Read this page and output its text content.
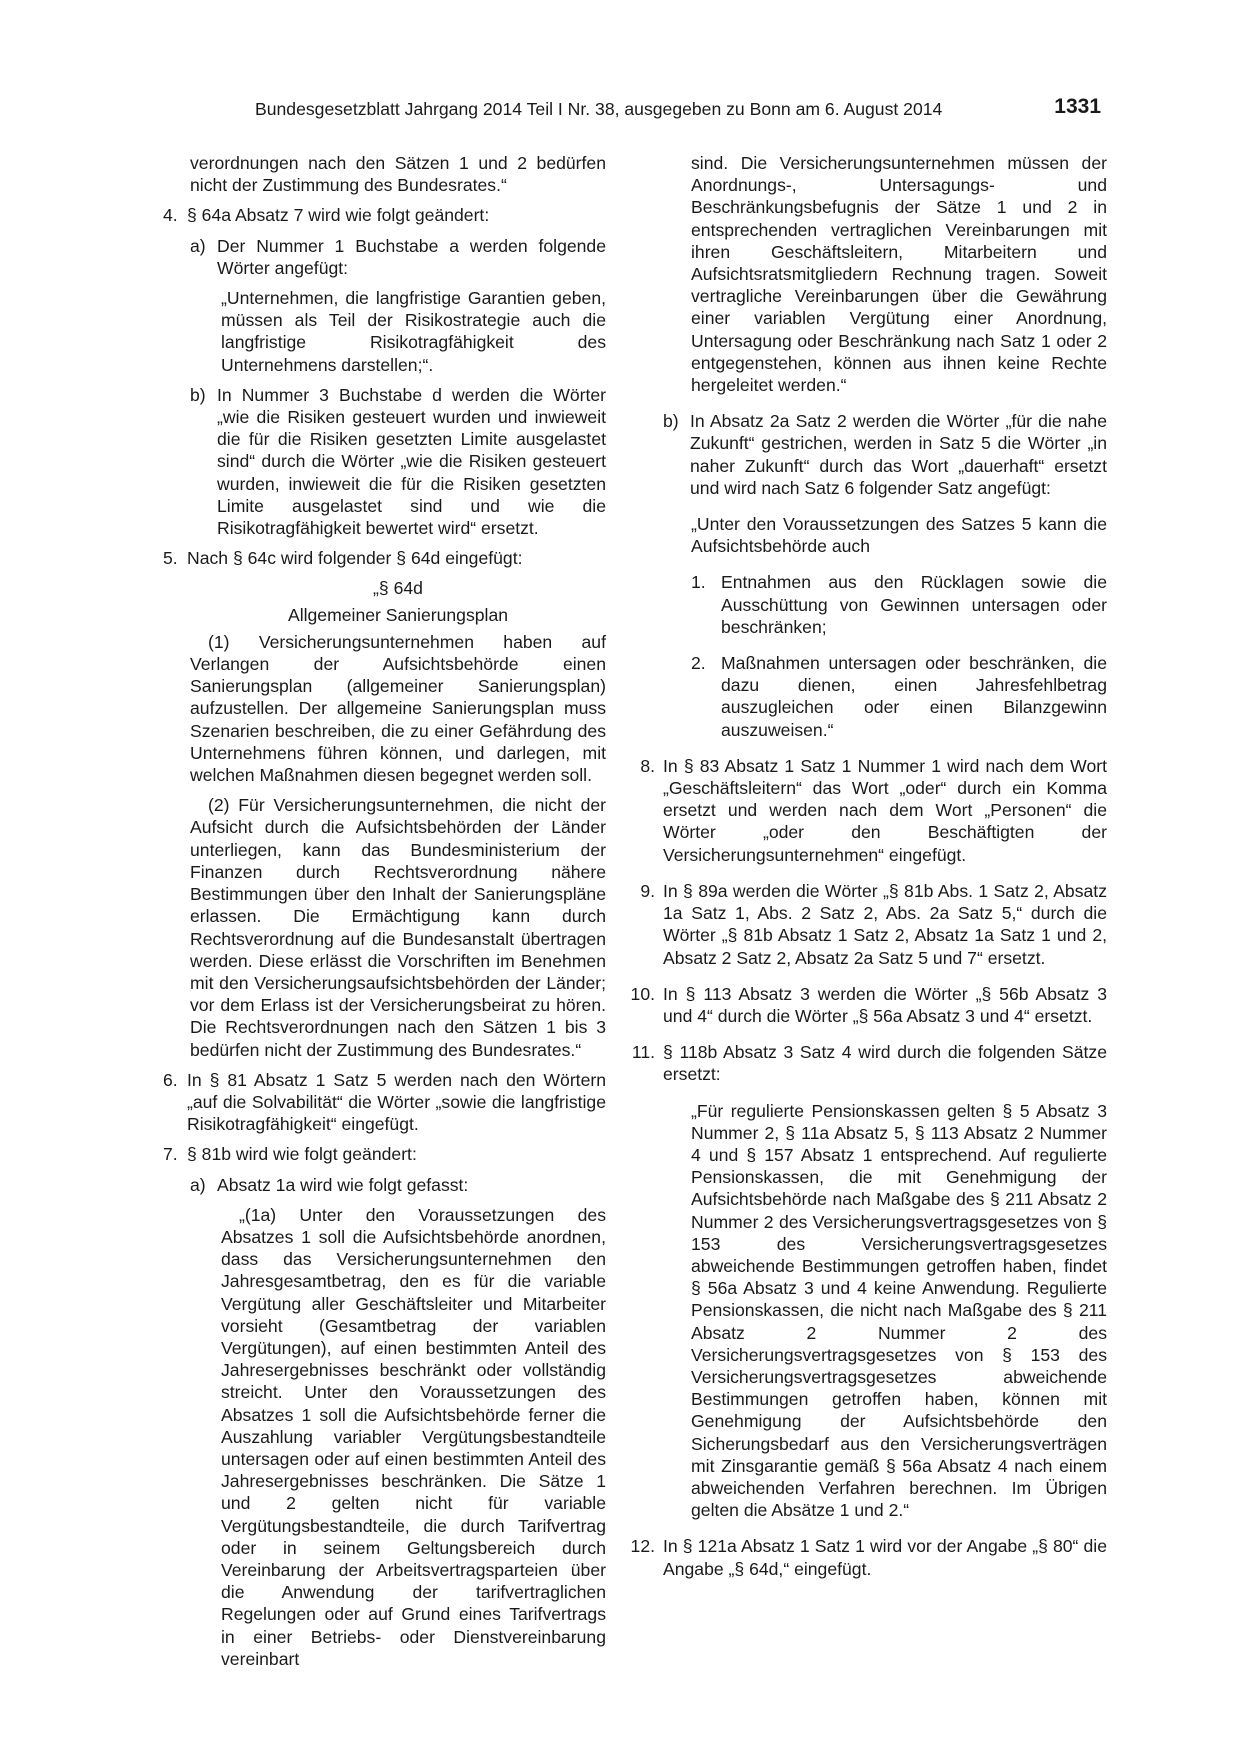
Bundesgesetzblatt Jahrgang 2014 Teil I Nr. 38, ausgegeben zu Bonn am 6. August 2014	1331

verordnungen nach den Sätzen 1 und 2 bedürfen nicht der Zustimmung des Bundesrates.“

4. § 64a Absatz 7 wird wie folgt geändert:
a) Der Nummer 1 Buchstabe a werden folgende Wörter angefügt:

„Unternehmen, die langfristige Garantien geben, müssen als Teil der Risikostrategie auch die langfristige Risikotragfähigkeit des Unternehmens darstellen;“.

b) In Nummer 3 Buchstabe d werden die Wörter „wie die Risiken gesteuert wurden und inwieweit die für die Risiken gesetzten Limite ausgelastet sind“ durch die Wörter „wie die Risiken gesteuert wurden, inwieweit die für die Risiken gesetzten Limite ausgelastet sind und wie die Risikotragfähigkeit bewertet wird“ ersetzt.
5. Nach § 64c wird folgender § 64d eingefügt:

„§ 64d

Allgemeiner Sanierungsplan

(1) Versicherungsunternehmen haben auf Verlangen der Aufsichtsbehörde einen Sanierungsplan (allgemeiner Sanierungsplan) aufzustellen. Der allgemeine Sanierungsplan muss Szenarien beschreiben, die zu einer Gefährdung des Unternehmens führen können, und darlegen, mit welchen Maßnahmen diesen begegnet werden soll.

(2) Für Versicherungsunternehmen, die nicht der Aufsicht durch die Aufsichtsbehörden der Länder unterliegen, kann das Bundesministerium der Finanzen durch Rechtsverordnung nähere Bestimmungen über den Inhalt der Sanierungspläne erlassen. Die Ermächtigung kann durch Rechtsverordnung auf die Bundesanstalt übertragen werden. Diese erlässt die Vorschriften im Benehmen mit den Versicherungsaufsichtsbehörden der Länder; vor dem Erlass ist der Versicherungsbeirat zu hören. Die Rechtsverordnungen nach den Sätzen 1 bis 3 bedürfen nicht der Zustimmung des Bundesrates.“

6. In § 81 Absatz 1 Satz 5 werden nach den Wörtern „auf die Solvabilität“ die Wörter „sowie die langfristige Risikotragfähigkeit“ eingefügt.
7. § 81b wird wie folgt geändert:
a) Absatz 1a wird wie folgt gefasst:

„(1a) Unter den Voraussetzungen des Absatzes 1 soll die Aufsichtsbehörde anordnen, dass das Versicherungsunternehmen den Jahresgesamtbetrag, den es für die variable Vergütung aller Geschäftsleiter und Mitarbeiter vorsieht (Gesamtbetrag der variablen Vergütungen), auf einen bestimmten Anteil des Jahresergebnisses beschränkt oder vollständig streicht. Unter den Voraussetzungen des Absatzes 1 soll die Aufsichtsbehörde ferner die Auszahlung variabler Vergütungsbestandteile untersagen oder auf einen bestimmten Anteil des Jahresergebnisses beschränken. Die Sätze 1 und 2 gelten nicht für variable Vergütungsbestandteile, die durch Tarifvertrag oder in seinem Geltungsbereich durch Vereinbarung der Arbeitsvertragsparteien über die Anwendung der tarifvertraglichen Regelungen oder auf Grund eines Tarifvertrags in einer Betriebs- oder Dienstvereinbarung vereinbart

sind. Die Versicherungsunternehmen müssen der Anordnungs-, Untersagungs- und Beschränkungsbefugnis der Sätze 1 und 2 in entsprechenden vertraglichen Vereinbarungen mit ihren Geschäftsleitern, Mitarbeitern und Aufsichtsratsmitgliedern Rechnung tragen. Soweit vertragliche Vereinbarungen über die Gewährung einer variablen Vergütung einer Anordnung, Untersagung oder Beschränkung nach Satz 1 oder 2 entgegenstehen, können aus ihnen keine Rechte hergeleitet werden.“

b) In Absatz 2a Satz 2 werden die Wörter „für die nahe Zukunft“ gestrichen, werden in Satz 5 die Wörter „in naher Zukunft“ durch das Wort „dauerhaft“ ersetzt und wird nach Satz 6 folgender Satz angefügt:

„Unter den Voraussetzungen des Satzes 5 kann die Aufsichtsbehörde auch

1. Entnahmen aus den Rücklagen sowie die Ausschüttung von Gewinnen untersagen oder beschränken;
2. Maßnahmen untersagen oder beschränken, die dazu dienen, einen Jahresfehlbetrag auszugleichen oder einen Bilanzgewinn auszuweisen.“
8. In § 83 Absatz 1 Satz 1 Nummer 1 wird nach dem Wort „Geschäftsleitern“ das Wort „oder“ durch ein Komma ersetzt und werden nach dem Wort „Personen“ die Wörter „oder den Beschäftigten der Versicherungsunternehmen“ eingefügt.
9. In § 89a werden die Wörter „§ 81b Abs. 1 Satz 2, Absatz 1a Satz 1, Abs. 2 Satz 2, Abs. 2a Satz 5,“ durch die Wörter „§ 81b Absatz 1 Satz 2, Absatz 1a Satz 1 und 2, Absatz 2 Satz 2, Absatz 2a Satz 5 und 7“ ersetzt.
10. In § 113 Absatz 3 werden die Wörter „§ 56b Absatz 3 und 4“ durch die Wörter „§ 56a Absatz 3 und 4“ ersetzt.
11. § 118b Absatz 3 Satz 4 wird durch die folgenden Sätze ersetzt:

„Für regulierte Pensionskassen gelten § 5 Absatz 3 Nummer 2, § 11a Absatz 5, § 113 Absatz 2 Nummer 4 und § 157 Absatz 1 entsprechend. Auf regulierte Pensionskassen, die mit Genehmigung der Aufsichtsbehörde nach Maßgabe des § 211 Absatz 2 Nummer 2 des Versicherungsvertragsgesetzes von § 153 des Versicherungsvertragsgesetzes abweichende Bestimmungen getroffen haben, findet § 56a Absatz 3 und 4 keine Anwendung. Regulierte Pensionskassen, die nicht nach Maßgabe des § 211 Absatz 2 Nummer 2 des Versicherungsvertragsgesetzes von § 153 des Versicherungsvertragsgesetzes abweichende Bestimmungen getroffen haben, können mit Genehmigung der Aufsichtsbehörde den Sicherungsbedarf aus den Versicherungsverträgen mit Zinsgarantie gemäß § 56a Absatz 4 nach einem abweichenden Verfahren berechnen. Im Übrigen gelten die Absätze 1 und 2.“

12. In § 121a Absatz 1 Satz 1 wird vor der Angabe „§ 80“ die Angabe „§ 64d,“ eingefügt.
